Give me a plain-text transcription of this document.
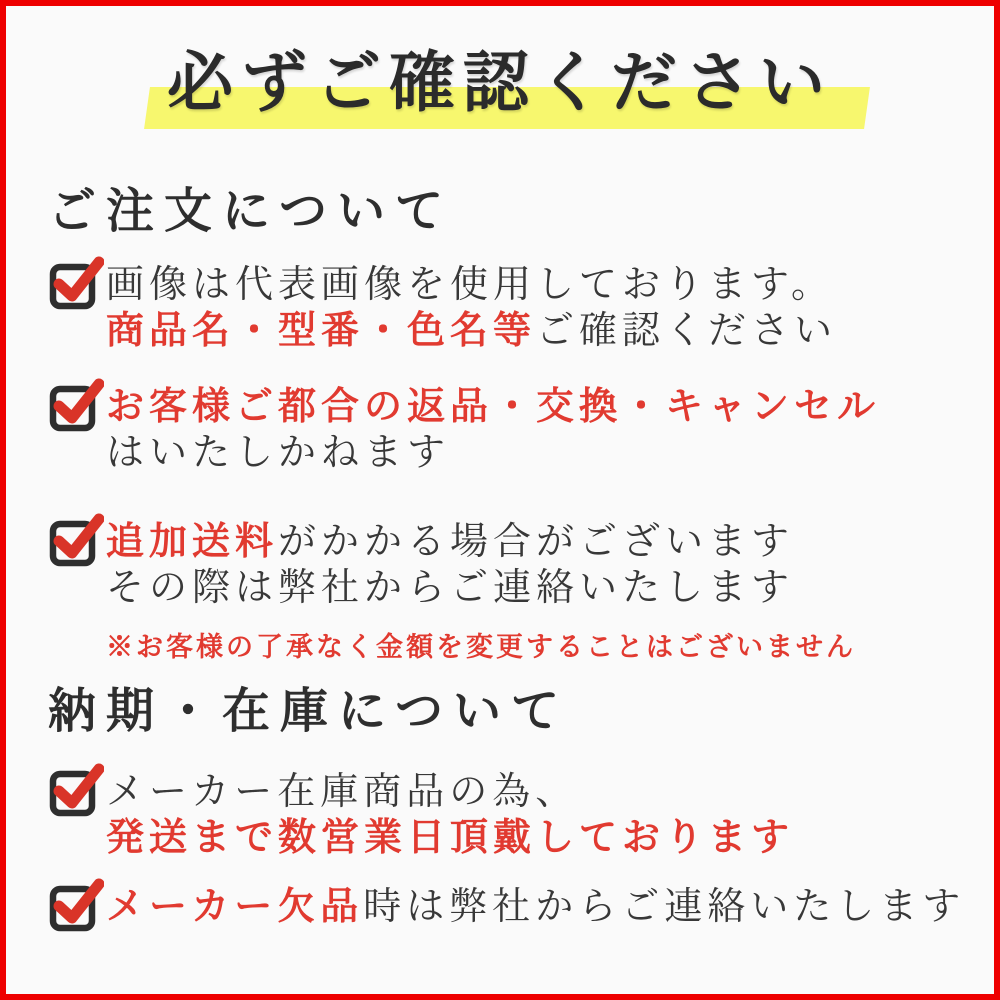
必ずご確認ください
ご注文について
画像は代表画像を使用しております。
商品名・型番・色名等ご確認ください
お客様ご都合の返品・交換・キャンセル
はいたしかねます
追加送料がかかる場合がございます
その際は弊社からご連絡いたします
※お客様の了承なく金額を変更することはございません
納期・在庫について
メーカー在庫商品の為、
発送まで数営業日頂戴しております
メーカー欠品時は弊社からご連絡いたします
